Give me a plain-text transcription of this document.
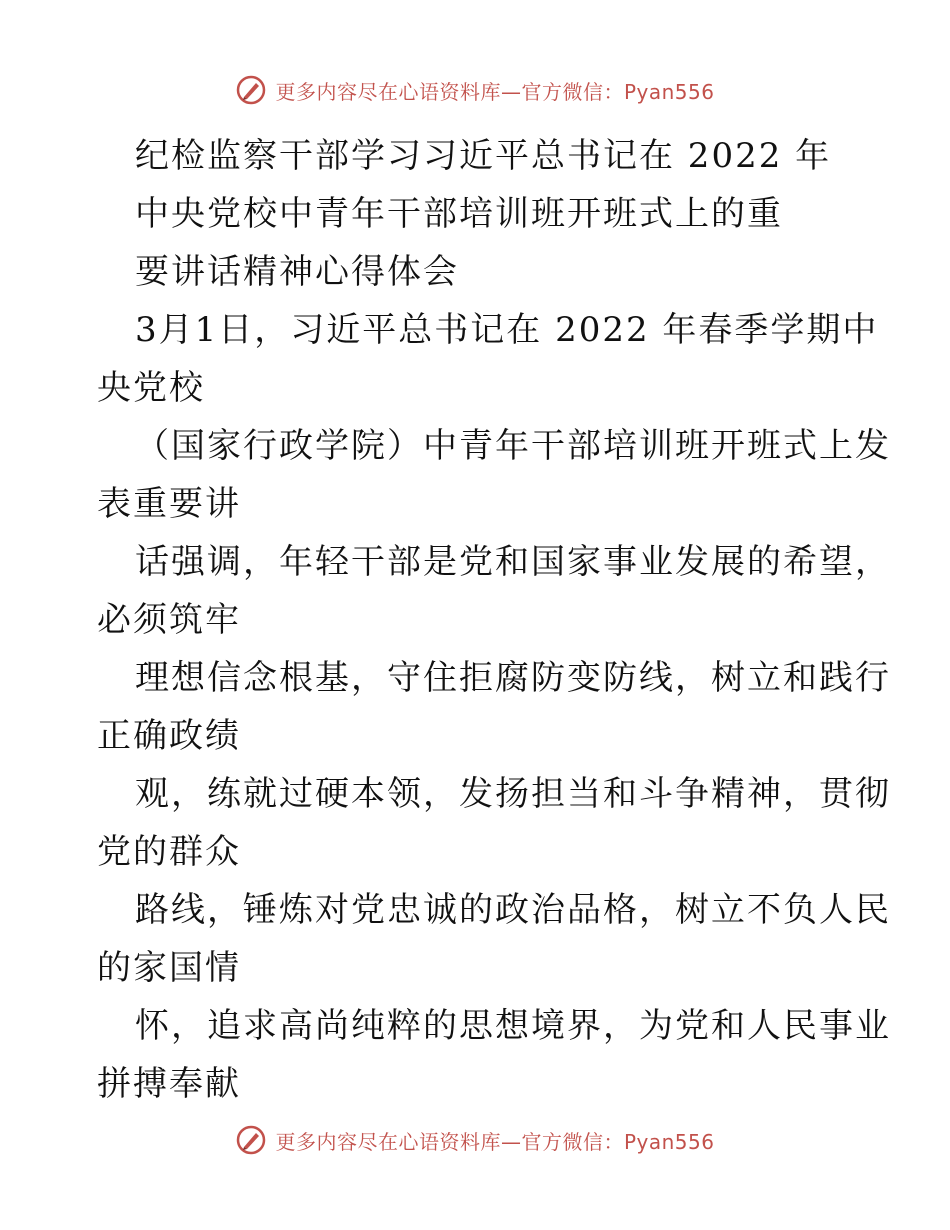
更多内容尽在心语资料库—官方微信：Pyan556
纪检监察干部学习习近平总书记在 2022 年
中央党校中青年干部培训班开班式上的重
要讲话精神心得体会
3月1日，习近平总书记在 2022 年春季学期中
央党校
（国家行政学院）中青年干部培训班开班式上发
表重要讲
话强调，年轻干部是党和国家事业发展的希望，
必须筑牢
理想信念根基，守住拒腐防变防线，树立和践行
正确政绩
观，练就过硬本领，发扬担当和斗争精神，贯彻
党的群众
路线，锤炼对党忠诚的政治品格，树立不负人民
的家国情
怀，追求高尚纯粹的思想境界，为党和人民事业
拼搏奉献
更多内容尽在心语资料库—官方微信：Pyan556
